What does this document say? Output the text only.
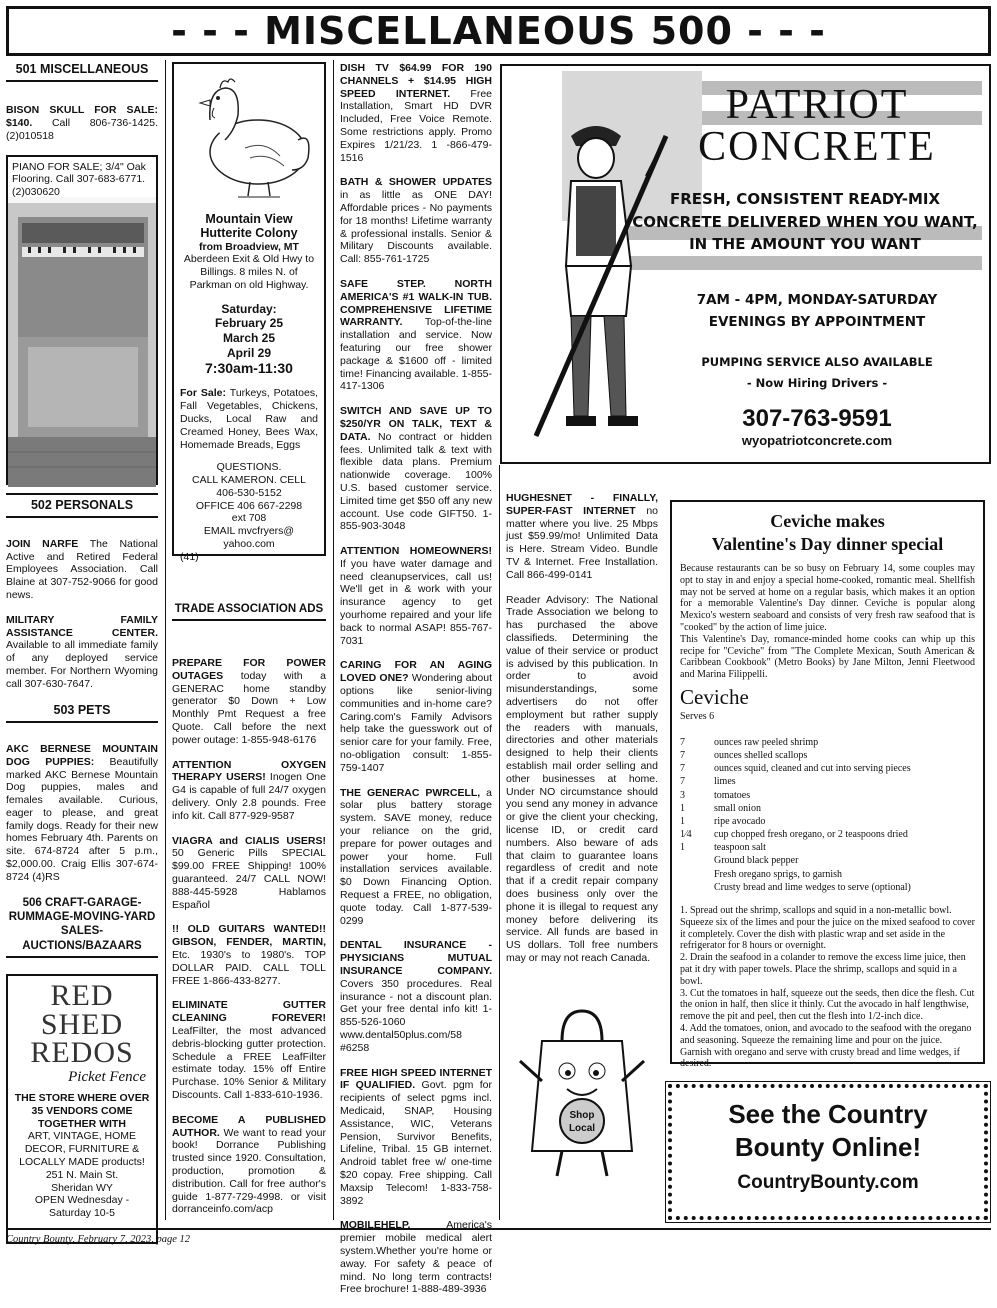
- - - MISCELLANEOUS 500 - - -
501 MISCELLANEOUS

BISON SKULL FOR SALE: $140. Call 806-736-1425. (2)010518

PIANO FOR SALE; 3/4" Oak Flooring. Call 307-683-6771. (2)030620
502 PERSONALS

JOIN NARFE The National Active and Retired Federal Employees Association. Call Blaine at 307-752-9066 for good news.

MILITARY FAMILY ASSISTANCE CENTER. Available to all immediate family of any deployed service member. For Northern Wyoming call 307-630-7647.

503 PETS

AKC BERNESE MOUNTAIN DOG PUPPIES: Beautifully marked AKC Bernese Mountain Dog puppies, males and females available. Curious, eager to please, and great family dogs. Ready for their new homes February 4th. Parents on site. 674-8724 after 5 p.m., $2,000.00. Craig Ellis 307-674-8724 (4)RS

506 CRAFT-GARAGE-RUMMAGE-MOVING-YARD SALES-AUCTIONS/BAZAARS
RED
SHED
REDOS
Picket Fence
THE STORE WHERE OVER 35 VENDORS COME TOGETHER WITH
ART, VINTAGE, HOME DECOR, FURNITURE & LOCALLY MADE products!
251 N. Main St.
Sheridan WY
OPEN Wednesday -
Saturday 10-5
Mountain View Hutterite Colony
from Broadview, MT
Aberdeen Exit & Old Hwy to Billings. 8 miles N. of Parkman on old Highway.
Saturday:
February 25
March 25
April 29
7:30am-11:30

For Sale: Turkeys, Potatoes, Fall Vegetables, Chickens, Ducks, Local Raw and Creamed Honey, Bees Wax, Homemade Breads, Eggs

QUESTIONS.
CALL KAMERON. CELL
406-530-5152
OFFICE 406 667-2298
ext 708
EMAIL mvcfryers@
yahoo.com
(41)
TRADE ASSOCIATION ADS

PREPARE FOR POWER OUTAGES today with a GENERAC home standby generator $0 Down + Low Monthly Pmt Request a free Quote. Call before the next power outage: 1-855-948-6176

ATTENTION OXYGEN THERAPY USERS! Inogen One G4 is capable of full 24/7 oxygen delivery. Only 2.8 pounds. Free info kit. Call 877-929-9587

VIAGRA and CIALIS USERS! 50 Generic Pills SPECIAL $99.00 FREE Shipping! 100% guaranteed. 24/7 CALL NOW! 888-445-5928 Hablamos Español

!! OLD GUITARS WANTED!! GIBSON, FENDER, MARTIN, Etc. 1930's to 1980's. TOP DOLLAR PAID. CALL TOLL FREE 1-866-433-8277.

ELIMINATE GUTTER CLEANING FOREVER! LeafFilter, the most advanced debris-blocking gutter protection. Schedule a FREE LeafFilter estimate today. 15% off Entire Purchase. 10% Senior & Military Discounts. Call 1-833-610-1936.

BECOME A PUBLISHED AUTHOR. We want to read your book! Dorrance Publishing trusted since 1920. Consultation, production, promotion & distribution. Call for free author's guide 1-877-729-4998. or visit dorranceinfo.com/acp

DISH TV $64.99 FOR 190 CHANNELS + $14.95 HIGH SPEED INTERNET. Free Installation, Smart HD DVR Included, Free Voice Remote. Some restrictions apply. Promo Expires 1/21/23. 1 -866-479-1516

BATH & SHOWER UPDATES in as little as ONE DAY! Affordable prices - No payments for 18 months! Lifetime warranty & professional installs. Senior & Military Discounts available. Call: 855-761-1725

SAFE STEP. NORTH AMERICA'S #1 WALK-IN TUB. COMPREHENSIVE LIFETIME WARRANTY. Top-of-the-line installation and service. Now featuring our free shower package & $1600 off - limited time! Financing available. 1-855-417-1306

SWITCH AND SAVE UP TO $250/YR ON TALK, TEXT & DATA. No contract or hidden fees. Unlimited talk & text with flexible data plans. Premium nationwide coverage. 100% U.S. based customer service. Limited time get $50 off any new account. Use code GIFT50. 1-855-903-3048

ATTENTION HOMEOWNERS! If you have water damage and need cleanupservices, call us! We'll get in & work with your insurance agency to get yourhome repaired and your life back to normal ASAP! 855-767-7031

CARING FOR AN AGING LOVED ONE? Wondering about options like senior-living communities and in-home care? Caring.com's Family Advisors help take the guesswork out of senior care for your family. Free, no-obligation consult: 1-855-759-1407

THE GENERAC PWRCELL, a solar plus battery storage system. SAVE money, reduce your reliance on the grid, prepare for power outages and power your home. Full installation services available. $0 Down Financing Option. Request a FREE, no obligation, quote today. Call 1-877-539-0299

DENTAL INSURANCE - PHYSICIANS MUTUAL INSURANCE COMPANY. Covers 350 procedures. Real insurance - not a discount plan. Get your free dental info kit! 1-855-526-1060 www.dental50plus.com/58 #6258

FREE HIGH SPEED INTERNET IF QUALIFIED. Govt. pgm for recipients of select pgms incl. Medicaid, SNAP, Housing Assistance, WIC, Veterans Pension, Survivor Benefits, Lifeline, Tribal. 15 GB internet. Android tablet free w/ one-time $20 copay. Free shipping. Call Maxsip Telecom! 1-833-758-3892

MOBILEHELP,	America's premier mobile medical alert system.Whether you're home or away. For safety & peace of mind. No long term contracts! Free brochure! 1-888-489-3936

PATRIOT
CONCRETE
FRESH, CONSISTENT READY-MIX
CONCRETE DELIVERED WHEN YOU WANT,
IN THE AMOUNT YOU WANT
7AM - 4PM, MONDAY-SATURDAY
EVENINGS BY APPOINTMENT
PUMPING SERVICE ALSO AVAILABLE
- Now Hiring Drivers -
307-763-9591
wyopatriotconcrete.com

HUGHESNET - FINALLY, SUPER-FAST INTERNET no matter where you live. 25 Mbps just $59.99/mo! Unlimited Data is Here. Stream Video. Bundle TV & Internet. Free Installation. Call 866-499-0141

Reader Advisory: The National Trade Association we belong to has purchased the above classifieds. Determining the value of their service or product is advised by this publication. In order to avoid misunderstandings, some advertisers do not offer employment but rather supply the readers with manuals, directories and other materials designed to help their clients establish mail order selling and other businesses at home. Under NO circumstance should you send any money in advance or give the client your checking, license ID, or credit card numbers. Also beware of ads that claim to guarantee loans regardless of credit and note that if a credit repair company does business only over the phone it is illegal to request any money before delivering its service. All funds are based in US dollars. Toll free numbers may or may not reach Canada.

Shop
Local
Ceviche makes
Valentine's Day dinner special
Because restaurants can be so busy on February 14, some couples may opt to stay in and enjoy a special home-cooked, romantic meal. Shellfish may not be served at home on a regular basis, which makes it an option for a memorable Valentine's Day dinner. Ceviche is popular along Mexico's western seaboard and consists of very fresh raw seafood that is "cooked" by the action of lime juice.
This Valentine's Day, romance-minded home cooks can whip up this recipe for "Ceviche" from "The Complete Mexican, South American & Caribbean Cookbook" (Metro Books) by Jane Milton, Jenni Fleetwood and Marina Filippelli.
Ceviche
Serves 6
7	ounces raw peeled shrimp
7	ounces shelled scallops
7	ounces squid, cleaned and cut into serving pieces
7	limes
3	tomatoes
1	small onion
1	ripe avocado
1⁄4	cup chopped fresh oregano, or 2 teaspoons dried
1	teaspoon salt
	Ground black pepper
	Fresh oregano sprigs, to garnish
	Crusty bread and lime wedges to serve (optional)
1. Spread out the shrimp, scallops and squid in a non-metallic bowl. Squeeze six of the limes and pour the juice on the mixed seafood to cover it completely. Cover the dish with plastic wrap and set aside in the refrigerator for 8 hours or overnight.
2. Drain the seafood in a colander to remove the excess lime juice, then pat it dry with paper towels. Place the shrimp, scallops and squid in a bowl.
3. Cut the tomatoes in half, squeeze out the seeds, then dice the flesh. Cut the onion in half, then slice it thinly. Cut the avocado in half lengthwise, remove the pit and peel, then cut the flesh into 1/2-inch dice.
4. Add the tomatoes, onion, and avocado to the seafood with the oregano and seasoning. Squeeze the remaining lime and pour on the juice. Garnish with oregano and serve with crusty bread and lime wedges, if desired.
See the Country
Bounty Online!
CountryBounty.com
Country Bounty, February 7, 2023, page 12
